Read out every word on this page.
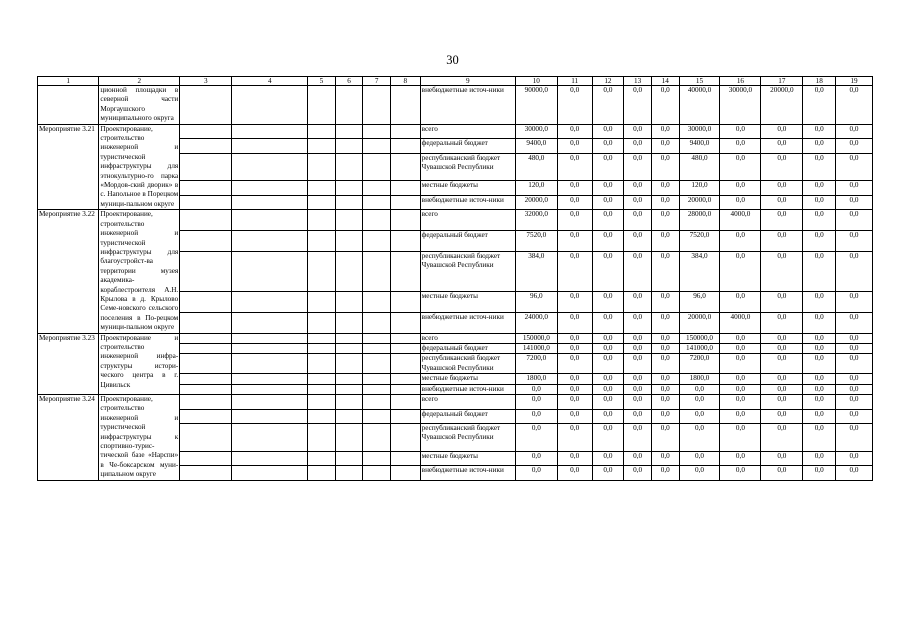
30
1	2	3	4	5	6	7	8	9	10	11	12	13	14	15	16	17	18	19
	ционной площадки в северной части Моргаушского муниципального округа							внебюджетные источ-ники	90000,0	0,0	0,0	0,0	0,0	40000,0	30000,0	20000,0	0,0	0,0
Мероприятие 3.21	Проектирование, строительство инженерной и туристической инфраструктуры для этнокультурно-го парка «Мордов-ский дворик» в с. Напольное в Порецком муници-пальном округе							всего	30000,0	0,0	0,0	0,0	0,0	30000,0	0,0	0,0	0,0	0,0
								федеральный бюджет	9400,0	0,0	0,0	0,0	0,0	9400,0	0,0	0,0	0,0	0,0
								республиканский бюджет Чувашской Республики	480,0	0,0	0,0	0,0	0,0	480,0	0,0	0,0	0,0	0,0
								местные бюджеты	120,0	0,0	0,0	0,0	0,0	120,0	0,0	0,0	0,0	0,0
								внебюджетные источ-ники	20000,0	0,0	0,0	0,0	0,0	20000,0	0,0	0,0	0,0	0,0
Мероприятие 3.22	Проектирование, строительство инженерной и туристической инфраструктуры для благоустройст-ва территории музея академика-кораблестроителя А.Н. Крылова в д. Крылово Семе-новского сельского поселения в По-рецком муници-пальном округе							всего	32000,0	0,0	0,0	0,0	0,0	28000,0	4000,0	0,0	0,0	0,0
								федеральный бюджет	7520,0	0,0	0,0	0,0	0,0	7520,0	0,0	0,0	0,0	0,0
								республиканский бюджет Чувашской Республики	384,0	0,0	0,0	0,0	0,0	384,0	0,0	0,0	0,0	0,0
								местные бюджеты	96,0	0,0	0,0	0,0	0,0	96,0	0,0	0,0	0,0	0,0
								внебюджетные источ-ники	24000,0	0,0	0,0	0,0	0,0	20000,0	4000,0	0,0	0,0	0,0
Мероприятие 3.23	Проектирование и строительство инженерной инфра-структуры истори-ческого центра в г. Цивильск							всего	150000,0	0,0	0,0	0,0	0,0	150000,0	0,0	0,0	0,0	0,0
								федеральный бюджет	141000,0	0,0	0,0	0,0	0,0	141000,0	0,0	0,0	0,0	0,0
								республиканский бюджет Чувашской Республики	7200,0	0,0	0,0	0,0	0,0	7200,0	0,0	0,0	0,0	0,0
								местные бюджеты	1800,0	0,0	0,0	0,0	0,0	1800,0	0,0	0,0	0,0	0,0
								внебюджетные источ-ники	0,0	0,0	0,0	0,0	0,0	0,0	0,0	0,0	0,0	0,0
Мероприятие 3.24	Проектирование, строительство инженерной и туристической инфраструктуры к спортивно-турис-тической базе «Нарспи» в Че-боксарском муни-ципальном округе							всего	0,0	0,0	0,0	0,0	0,0	0,0	0,0	0,0	0,0	0,0
								федеральный бюджет	0,0	0,0	0,0	0,0	0,0	0,0	0,0	0,0	0,0	0,0
								республиканский бюджет Чувашской Республики	0,0	0,0	0,0	0,0	0,0	0,0	0,0	0,0	0,0	0,0
								местные бюджеты	0,0	0,0	0,0	0,0	0,0	0,0	0,0	0,0	0,0	0,0
								внебюджетные источ-ники	0,0	0,0	0,0	0,0	0,0	0,0	0,0	0,0	0,0	0,0
